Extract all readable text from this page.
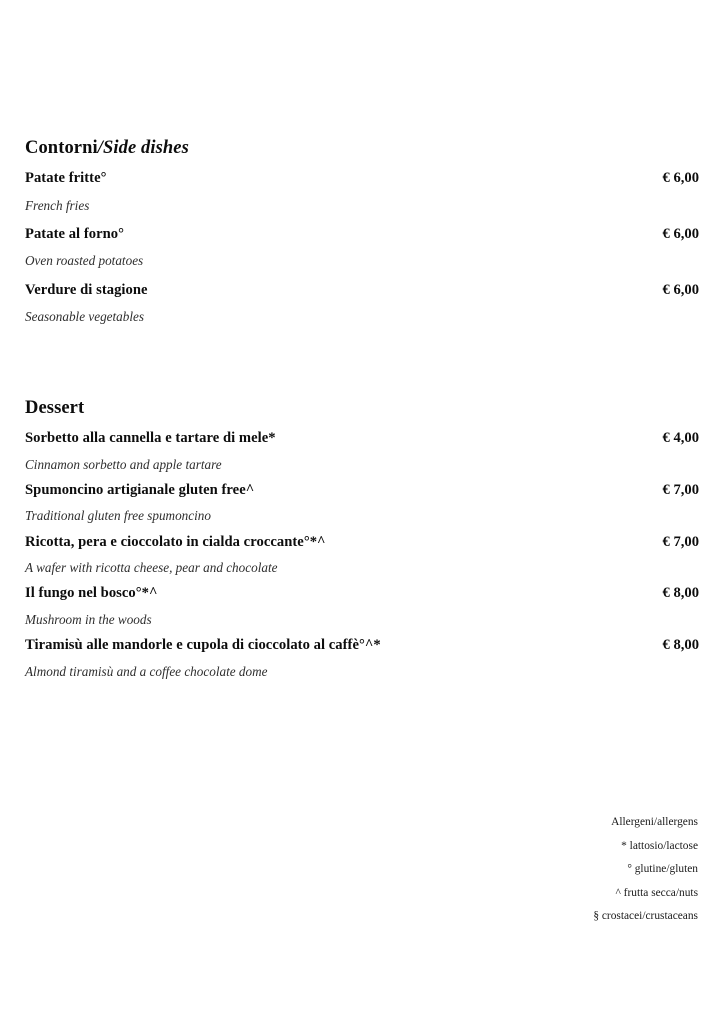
Contorni/Side dishes
Patate fritte°	€ 6,00
French fries
Patate al forno°	€ 6,00
Oven roasted potatoes
Verdure di stagione	€ 6,00
Seasonable vegetables
Dessert
Sorbetto alla cannella e tartare di mele*	€ 4,00
Cinnamon sorbetto and apple tartare
Spumoncino artigianale gluten free^	€ 7,00
Traditional gluten free spumoncino
Ricotta, pera e cioccolato in cialda croccante°*^	€ 7,00
A wafer with ricotta cheese, pear and chocolate
Il fungo nel bosco°*^	€ 8,00
Mushroom in the woods
Tiramisù alle mandorle e cupola di cioccolato al caffè°^*	€ 8,00
Almond tiramisù and a coffee chocolate dome
Allergeni/allergens
* lattosio/lactose
° glutine/gluten
^ frutta secca/nuts
§ crostacei/crustaceans
